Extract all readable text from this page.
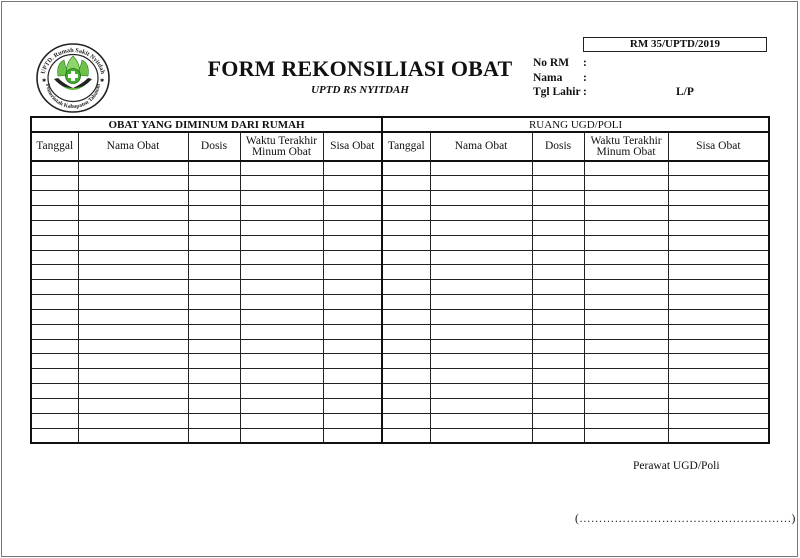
UPTD. Rumah Sakit Nyitdah
Pemerintah Kabupaten Tabanan
✱	✱
FORM REKONSILIASI OBAT
UPTD RS NYITDAH
RM 35/UPTD/2019
No RM :
Nama :
Tgl Lahir :	L/P
OBAT YANG DIMINUM DARI RUMAH					RUANG UGD/POLI				
Tanggal	Nama Obat	Dosis	Waktu Terakhir Minum Obat	Sisa Obat	Tanggal	Nama Obat	Dosis	Waktu Terakhir Minum Obat	Sisa Obat

Perawat UGD/Poli
(………………………………………………)
